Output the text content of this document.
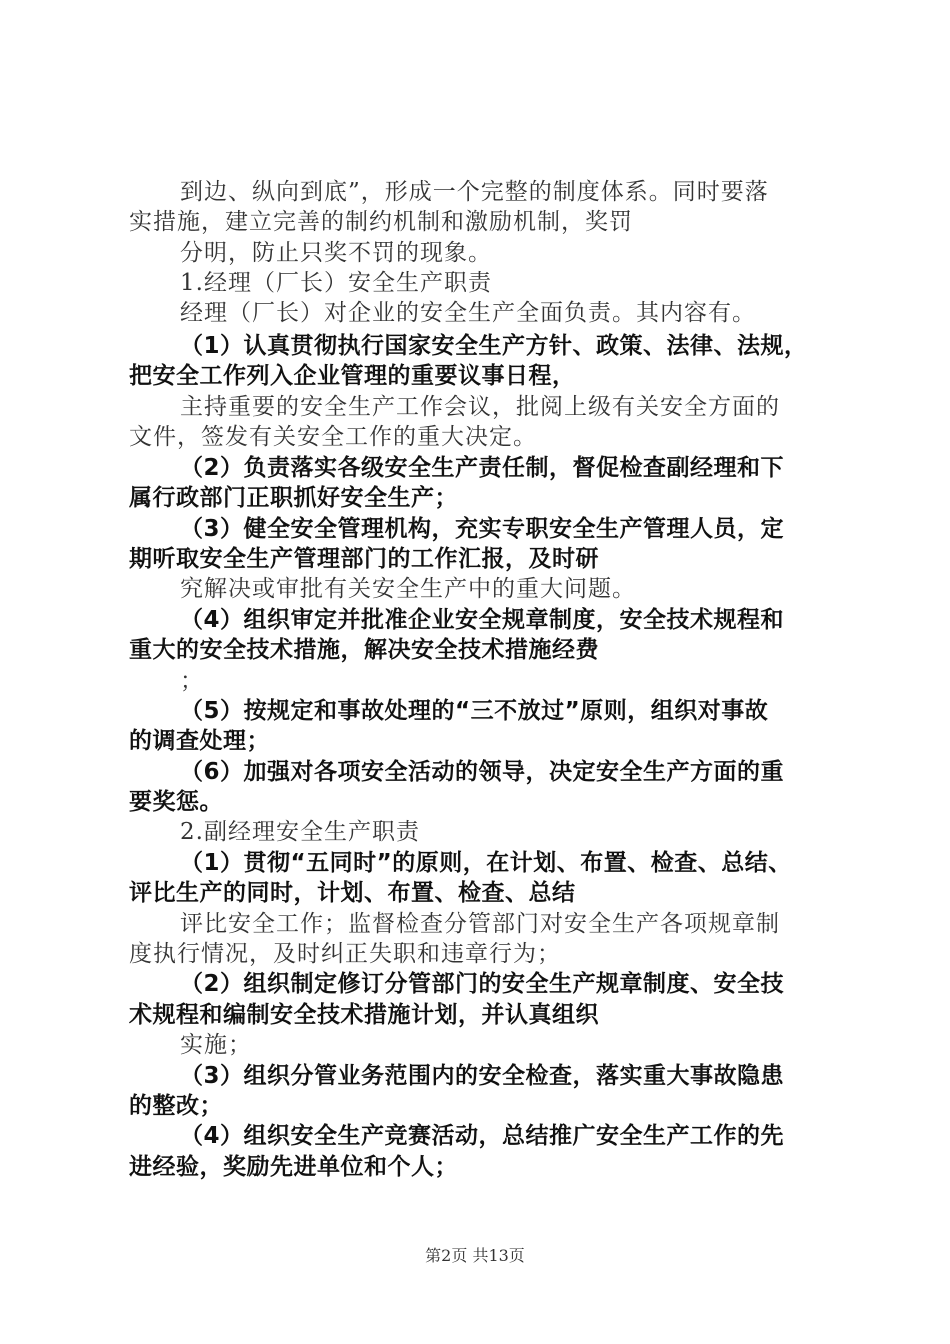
到边、纵向到底”，形成一个完整的制度体系。同时要落
实措施，建立完善的制约机制和激励机制，奖罚
分明，防止只奖不罚的现象。
1.经理（厂长）安全生产职责
经理（厂长）对企业的安全生产全面负责。其内容有。
（1）认真贯彻执行国家安全生产方针、政策、法律、法规，
把安全工作列入企业管理的重要议事日程，
主持重要的安全生产工作会议，批阅上级有关安全方面的
文件，签发有关安全工作的重大决定。
（2）负责落实各级安全生产责任制，督促检查副经理和下
属行政部门正职抓好安全生产；
（3）健全安全管理机构，充实专职安全生产管理人员，定
期听取安全生产管理部门的工作汇报，及时研
究解决或审批有关安全生产中的重大问题。
（4）组织审定并批准企业安全规章制度，安全技术规程和
重大的安全技术措施，解决安全技术措施经费
；
（5）按规定和事故处理的“三不放过”原则，组织对事故
的调查处理；
（6）加强对各项安全活动的领导，决定安全生产方面的重
要奖惩。
2.副经理安全生产职责
（1）贯彻“五同时”的原则，在计划、布置、检查、总结、
评比生产的同时，计划、布置、检查、总结
评比安全工作；监督检查分管部门对安全生产各项规章制
度执行情况，及时纠正失职和违章行为；
（2）组织制定修订分管部门的安全生产规章制度、安全技
术规程和编制安全技术措施计划，并认真组织
实施；
（3）组织分管业务范围内的安全检查，落实重大事故隐患
的整改；
（4）组织安全生产竞赛活动，总结推广安全生产工作的先
进经验，奖励先进单位和个人；
第2页 共13页
